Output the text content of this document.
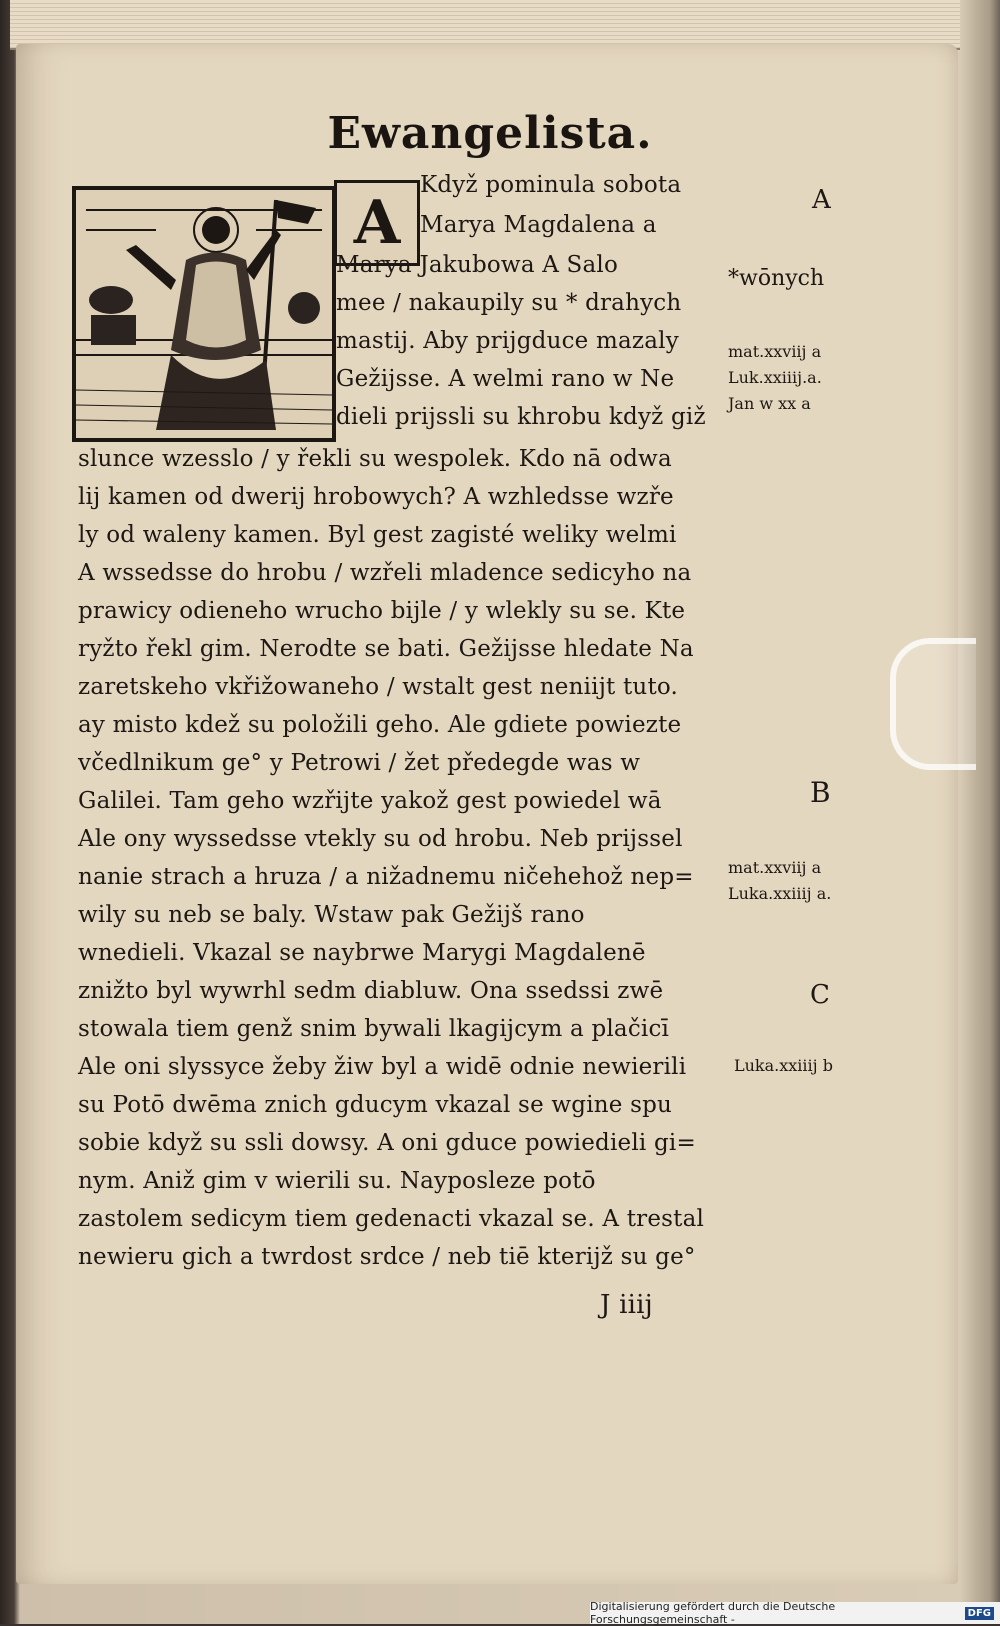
Ewangelista.
A
Když pominula sobota
Marya Magdalena a
Marya Jakubowa A Salo
mee / nakaupily su * drahych
mastij. Aby prijgduce mazaly
Gežijsse. A welmi rano w Ne
dieli prijssli su khrobu když giž
slunce wzesslo / y řekli su wespolek. Kdo nā odwa
lij kamen od dwerij hrobowych? A wzhledsse wzře
ly od waleny kamen. Byl gest zagisté weliky welmi
A wssedsse do hrobu / wzřeli mladence sedicyho na
prawicy odieneho wrucho bijle / y wlekly su se. Kte
ryžto řekl gim. Nerodte se bati. Gežijsse hledate Na
zaretskeho vkřižowaneho / wstalt gest neniijt tuto.
ay misto kdež su položili geho. Ale gdiete powiezte
včedlnikum ge° y Petrowi / žet předegde was w
Galilei. Tam geho wzřijte yakož gest powiedel wā
Ale ony wyssedsse vtekly su od hrobu. Neb prijssel
nanie strach a hruza / a nižadnemu ničehehož nep=
wily su neb se baly. Wstaw pak Gežijš rano
wnedieli. Vkazal se naybrwe Marygi Magdalenē
znižto byl wywrhl sedm diabluw. Ona ssedssi zwē
stowala tiem genž snim bywali lkagijcym a plačicī
Ale oni slyssyce žeby žiw byl a widē odnie newierili
su Potō dwēma znich gducym vkazal se wgine spu
sobie když su ssli dowsy. A oni gduce powiedieli gi=
nym. Aniž gim v wierili su. Nayposleze potō
zastolem sedicym tiem gedenacti vkazal se. A trestal
newieru gich a twrdost srdce / neb tiē kterijž su ge°
J iiij
A
*wōnych
mat.xxviij a
Luk.xxiiij.a.
Jan w xx a
B
mat.xxviij a
Luka.xxiiij a.
C
Luka.xxiiij b
Digitalisierung gefördert durch die Deutsche Forschungsgemeinschaft -	DFG
